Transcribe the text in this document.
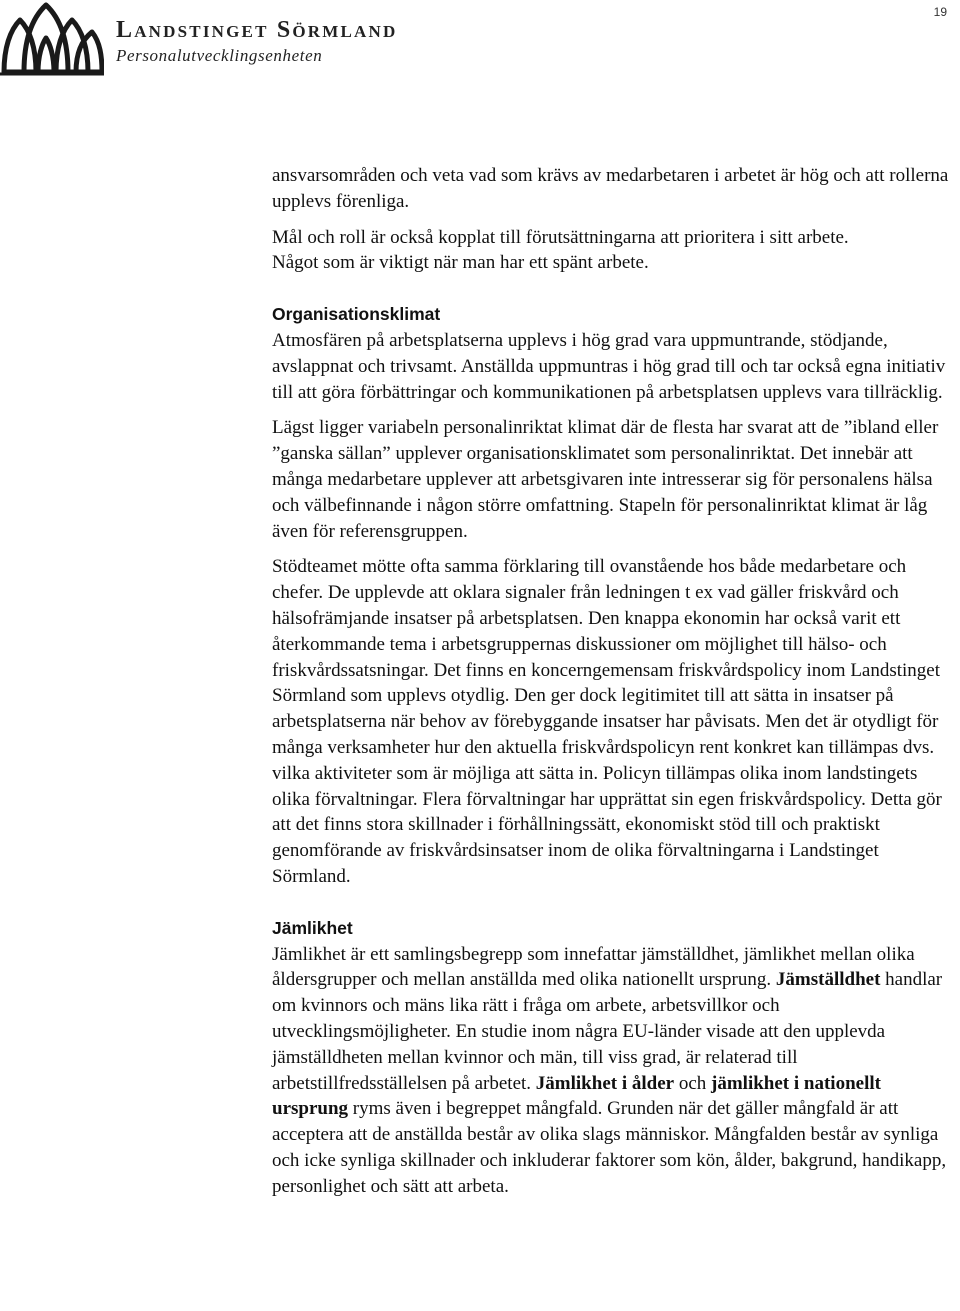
Landstinget Sörmland
Personalutvecklingsenheten
19

ansvarsområden och veta vad som krävs av medarbetaren i arbetet är hög och att rollerna upplevs förenliga.

Mål och roll är också kopplat till förutsättningarna att prioritera i sitt arbete.
Något som är viktigt när man har ett spänt arbete.

Organisationsklimat

Atmosfären på arbetsplatserna upplevs i hög grad vara uppmuntrande, stödjande, avslappnat och trivsamt. Anställda uppmuntras i hög grad till och tar också egna initiativ till att göra förbättringar och kommunikationen på arbetsplatsen upplevs vara tillräcklig.

Lägst ligger variabeln personalinriktat klimat där de flesta har svarat att de ”ibland eller ”ganska sällan” upplever organisationsklimatet som personalinriktat. Det innebär att många medarbetare upplever att arbetsgivaren inte intresserar sig för personalens hälsa och välbefinnande i någon större omfattning. Stapeln för personalinriktat klimat är låg även för referensgruppen.

Stödteamet mötte ofta samma förklaring till ovanstående hos både medarbetare och chefer. De upplevde att oklara signaler från ledningen t ex vad gäller friskvård och hälsofrämjande insatser på arbetsplatsen. Den knappa ekonomin har också varit ett återkommande tema i arbetsgruppernas diskussioner om möjlighet till hälso- och friskvårdssatsningar. Det finns en koncerngemensam friskvårdspolicy inom Landstinget Sörmland som upplevs otydlig. Den ger dock legitimitet till att sätta in insatser på arbetsplatserna när behov av förebyggande insatser har påvisats. Men det är otydligt för många verksamheter hur den aktuella friskvårdspolicyn rent konkret kan tillämpas dvs. vilka aktiviteter som är möjliga att sätta in. Policyn tillämpas olika inom landstingets olika förvaltningar. Flera förvaltningar har upprättat sin egen friskvårdspolicy. Detta gör att det finns stora skillnader i förhållningssätt, ekonomiskt stöd till och praktiskt genomförande av friskvårdsinsatser inom de olika förvaltningarna i Landstinget Sörmland.

Jämlikhet

Jämlikhet är ett samlingsbegrepp som innefattar jämställdhet, jämlikhet mellan olika åldersgrupper och mellan anställda med olika nationellt ursprung. Jämställdhet handlar om kvinnors och mäns lika rätt i fråga om arbete, arbetsvillkor och utvecklingsmöjligheter. En studie inom några EU-länder visade att den upplevda jämställdheten mellan kvinnor och män, till viss grad, är relaterad till arbetstillfredsställelsen på arbetet. Jämlikhet i ålder och jämlikhet i nationellt ursprung ryms även i begreppet mångfald. Grunden när det gäller mångfald är att acceptera att de anställda består av olika slags människor. Mångfalden består av synliga och icke synliga skillnader och inkluderar faktorer som kön, ålder, bakgrund, handikapp, personlighet och sätt att arbeta.
